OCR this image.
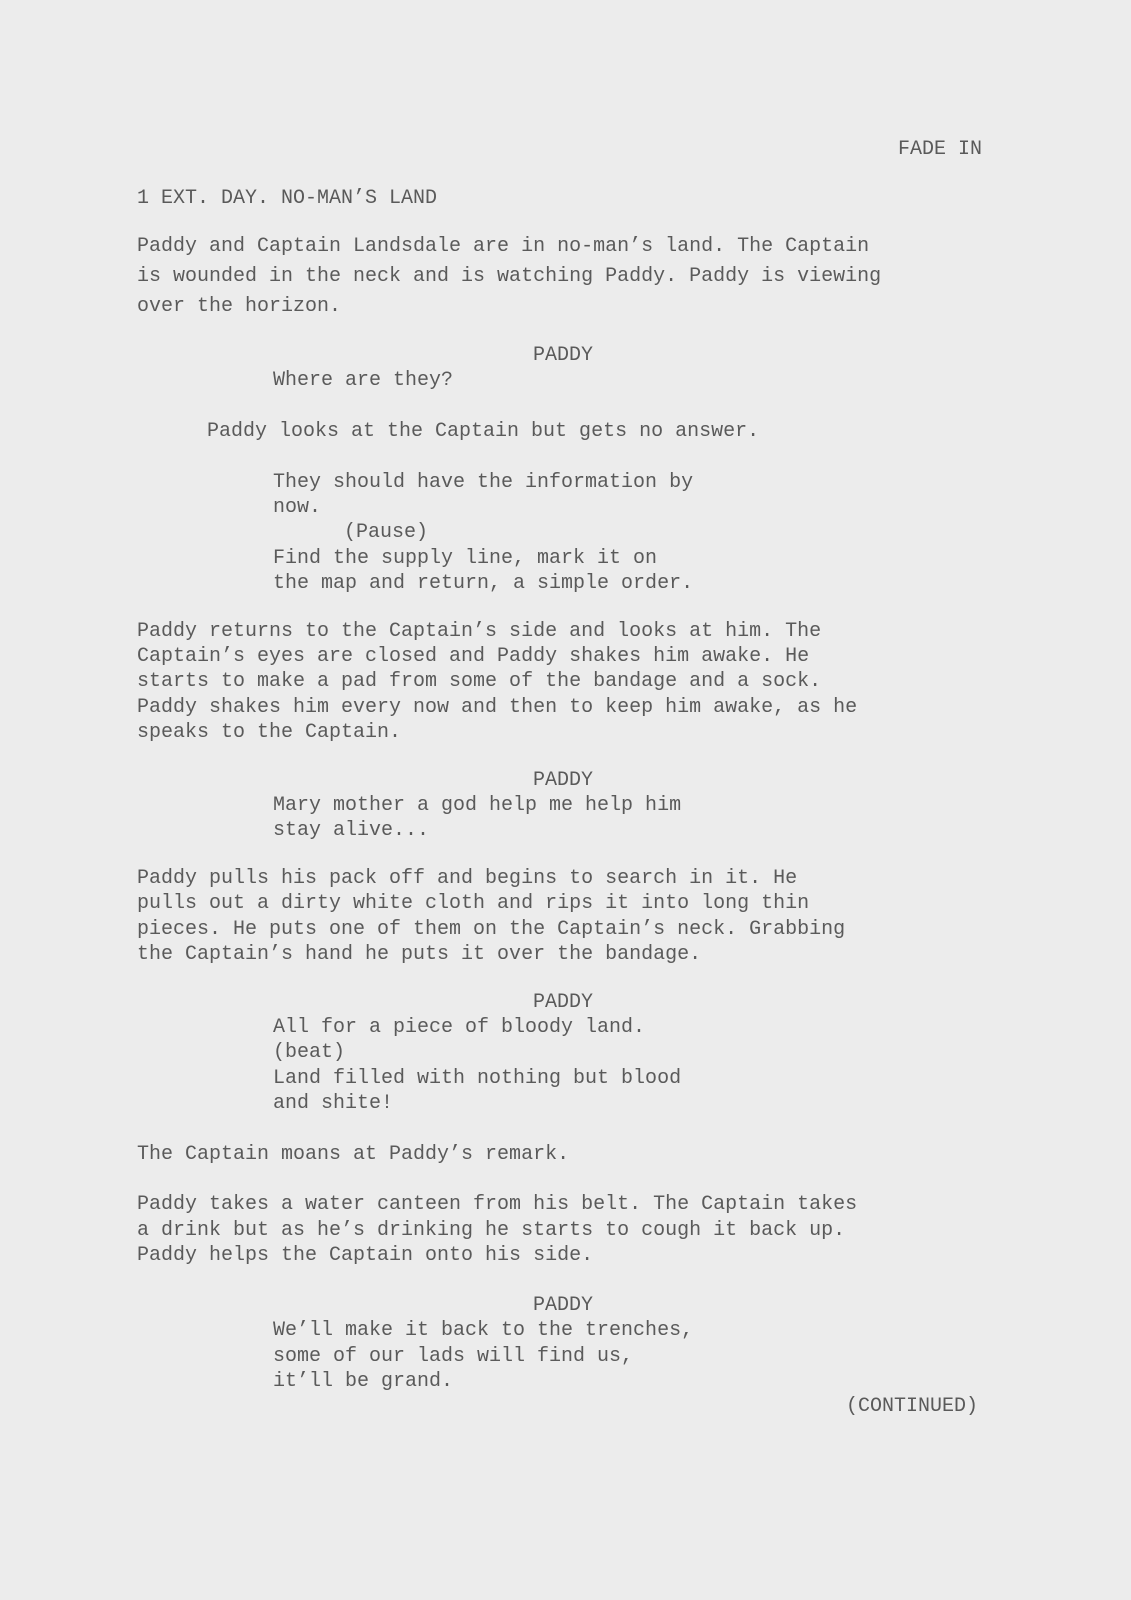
FADE IN

1 EXT. DAY. NO-MAN’S LAND

Paddy and Captain Landsdale are in no-man’s land. The Captain

is wounded in the neck and is watching Paddy. Paddy is viewing

over the horizon.

PADDY

Where are they?

Paddy looks at the Captain but gets no answer.

They should have the information by

now.

(Pause)

Find the supply line, mark it on

the map and return, a simple order.

Paddy returns to the Captain’s side and looks at him. The

Captain’s eyes are closed and Paddy shakes him awake. He

starts to make a pad from some of the bandage and a sock.

Paddy shakes him every now and then to keep him awake, as he

speaks to the Captain.

PADDY

Mary mother a god help me help him

stay alive...

Paddy pulls his pack off and begins to search in it. He

pulls out a dirty white cloth and rips it into long thin

pieces. He puts one of them on the Captain’s neck. Grabbing

the Captain’s hand he puts it over the bandage.

PADDY

All for a piece of bloody land.

(beat)

Land filled with nothing but blood

and shite!

The Captain moans at Paddy’s remark.

Paddy takes a water canteen from his belt. The Captain takes

a drink but as he’s drinking he starts to cough it back up.

Paddy helps the Captain onto his side.

PADDY

We’ll make it back to the trenches,

some of our lads will find us,

it’ll be grand.

(CONTINUED)
